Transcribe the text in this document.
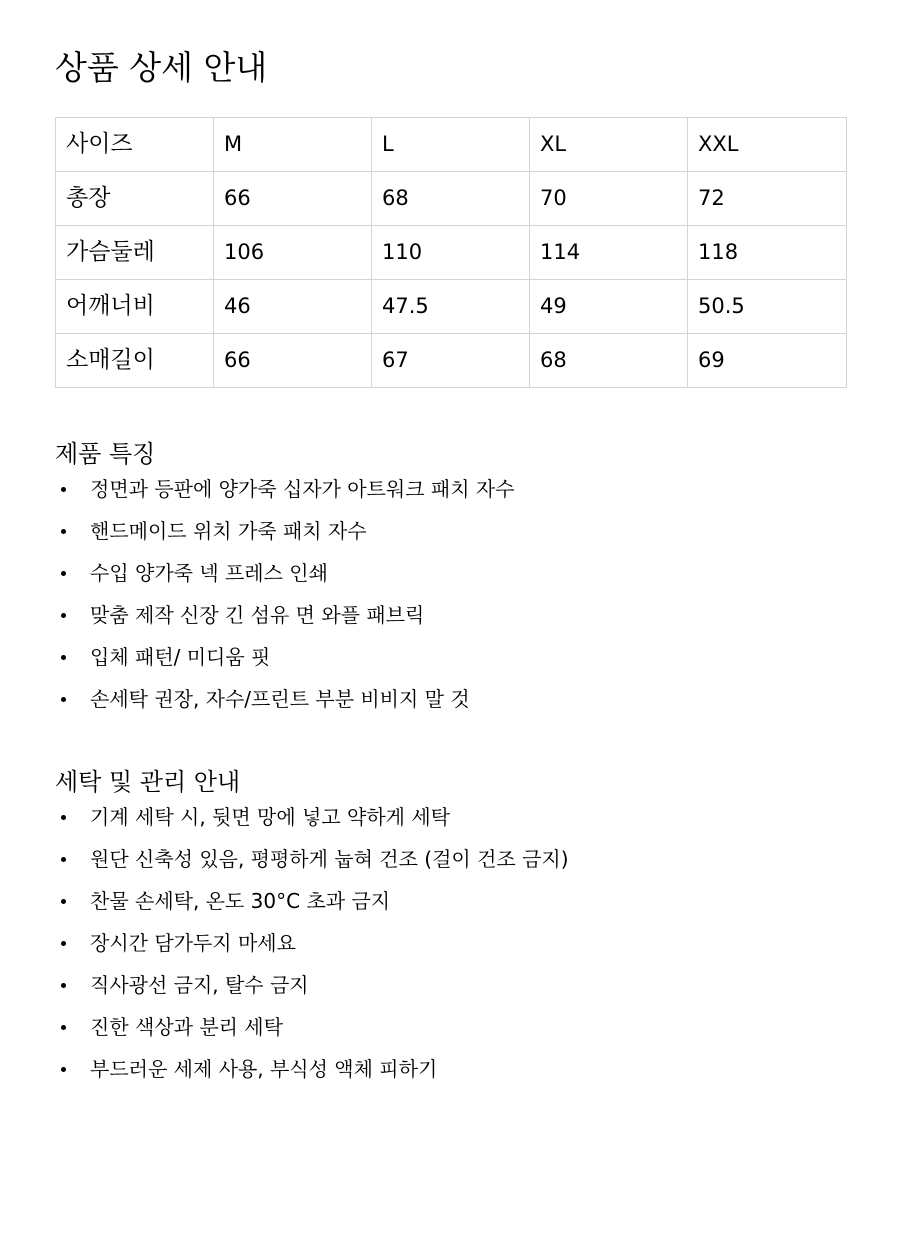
상품 상세 안내
사이즈	M	L	XL	XXL
총장	66	68	70	72
가슴둘레	106	110	114	118
어깨너비	46	47.5	49	50.5
소매길이	66	67	68	69
제품 특징
정면과 등판에 양가죽 십자가 아트워크 패치 자수
핸드메이드 위치 가죽 패치 자수
수입 양가죽 넥 프레스 인쇄
맞춤 제작 신장 긴 섬유 면 와플 패브릭
입체 패턴/ 미디움 핏
손세탁 권장, 자수/프린트 부분 비비지 말 것
세탁 및 관리 안내
기계 세탁 시, 뒷면 망에 넣고 약하게 세탁
원단 신축성 있음, 평평하게 눕혀 건조 (걸이 건조 금지)
찬물 손세탁, 온도 30°C 초과 금지
장시간 담가두지 마세요
직사광선 금지, 탈수 금지
진한 색상과 분리 세탁
부드러운 세제 사용, 부식성 액체 피하기
